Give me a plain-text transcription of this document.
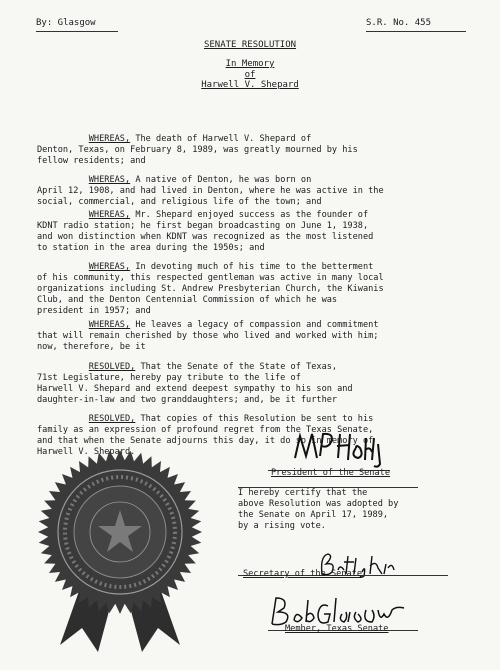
By: Glasgow	S.R. No. 455
SENATE RESOLUTION
In Memory
of
Harwell V. Shepard

WHEREAS, The death of Harwell V. Shepard of
Denton, Texas, on February 8, 1989, was greatly mourned by his
fellow residents; and

WHEREAS, A native of Denton, he was born on
April 12, 1908, and had lived in Denton, where he was active in the
social, commercial, and religious life of the town; and

WHEREAS, Mr. Shepard enjoyed success as the founder of
KDNT radio station; he first began broadcasting on June 1, 1938,
and won distinction when KDNT was recognized as the most listened
to station in the area during the 1950s; and

WHEREAS, In devoting much of his time to the betterment
of his community, this respected gentleman was active in many local
organizations including St. Andrew Presbyterian Church, the Kiwanis
Club, and the Denton Centennial Commission of which he was
president in 1957; and

WHEREAS, He leaves a legacy of compassion and commitment
that will remain cherished by those who lived and worked with him;
now, therefore, be it

RESOLVED, That the Senate of the State of Texas,
71st Legislature, hereby pay tribute to the life of
Harwell V. Shepard and extend deepest sympathy to his son and
daughter-in-law and two granddaughters; and, be it further

RESOLVED, That copies of this Resolution be sent to his
family as an expression of profound regret from the Texas Senate,
and that when the Senate adjourns this day, it do so in memory of
Harwell V. Shepard.

President of the Senate
I hereby certify that the
above Resolution was adopted by
the Senate on April 17, 1989,
by a rising vote.
Secretary of the Senate
Member, Texas Senate
